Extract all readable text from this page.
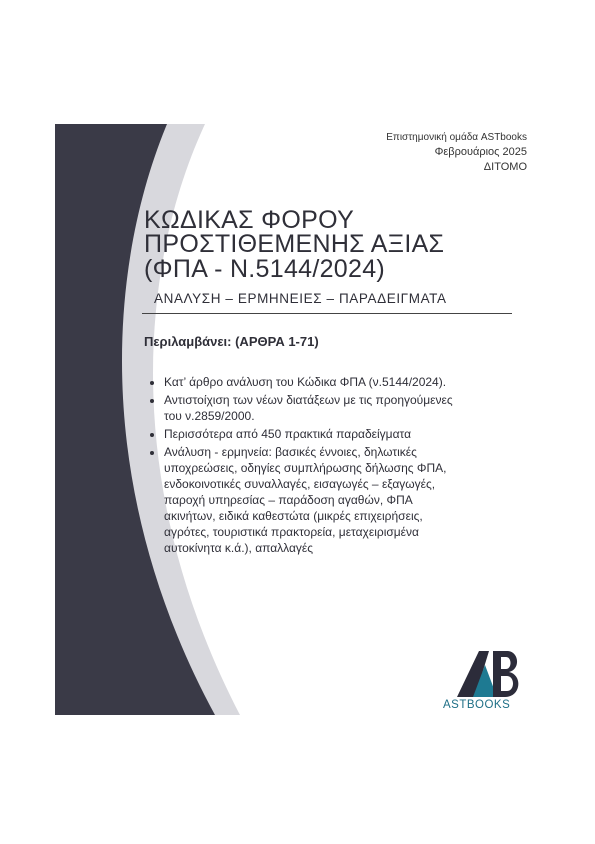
Επιστημονική ομάδα ASTbooks
Φεβρουάριος 2025
ΔΙΤΟΜΟ
ΚΩΔΙΚΑΣ ΦΟΡΟΥ
ΠΡΟΣΤΙΘΕΜΕΝΗΣ ΑΞΙΑΣ
(ΦΠΑ - Ν.5144/2024)
ΑΝΑΛΥΣΗ – ΕΡΜΗΝΕΙΕΣ – ΠΑΡΑΔΕΙΓΜΑΤΑ
Περιλαμβάνει: (ΑΡΘΡΑ 1-71)
• Κατ’ άρθρο ανάλυση του Κώδικα ΦΠΑ (ν.5144/2024).
• Αντιστοίχιση των νέων διατάξεων με τις προηγούμενες του ν.2859/2000.
• Περισσότερα από 450 πρακτικά παραδείγματα
• Ανάλυση - ερμηνεία: βασικές έννοιες, δηλωτικές υποχρεώσεις, οδηγίες συμπλήρωσης δήλωσης ΦΠΑ, ενδοκοινοτικές συναλλαγές, εισαγωγές – εξαγωγές, παροχή υπηρεσίας – παράδοση αγαθών, ΦΠΑ ακινήτων, ειδικά καθεστώτα (μικρές επιχειρήσεις, αγρότες, τουριστικά πρακτορεία, μεταχειρισμένα αυτοκίνητα κ.ά.), απαλλαγές
ASTBOOKS
